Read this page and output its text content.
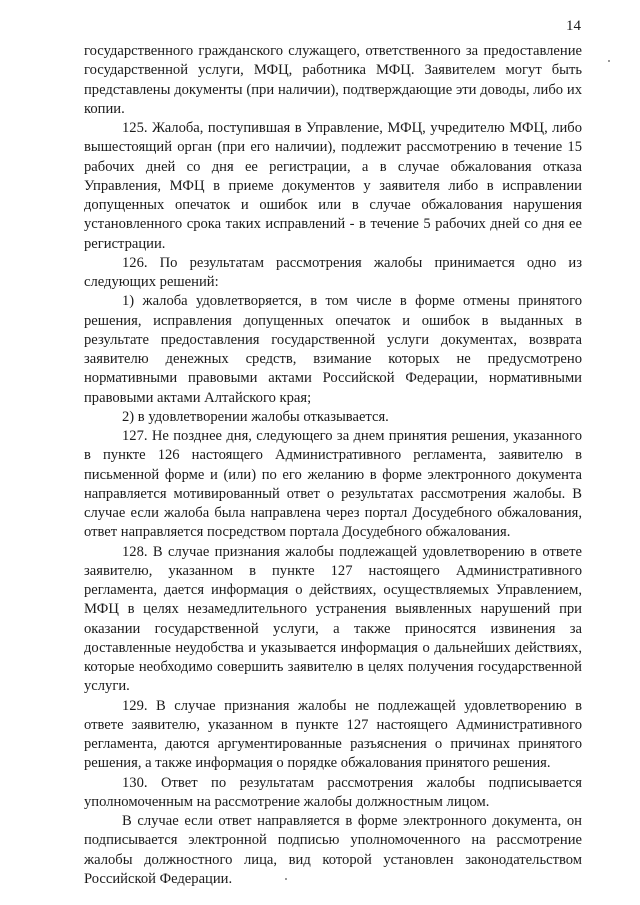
14

государственного гражданского служащего, ответственного за предоставление государственной услуги, МФЦ, работника МФЦ. Заявителем могут быть представлены документы (при наличии), подтверждающие эти доводы, либо их копии.

125. Жалоба, поступившая в Управление, МФЦ, учредителю МФЦ, либо вышестоящий орган (при его наличии), подлежит рассмотрению в течение 15 рабочих дней со дня ее регистрации, а в случае обжалования отказа Управления, МФЦ в приеме документов у заявителя либо в исправлении допущенных опечаток и ошибок или в случае обжалования нарушения установленного срока таких исправлений - в течение 5 рабочих дней со дня ее регистрации.

126. По результатам рассмотрения жалобы принимается одно из следующих решений:

1) жалоба удовлетворяется, в том числе в форме отмены принятого решения, исправления допущенных опечаток и ошибок в выданных в результате предоставления государственной услуги документах, возврата заявителю денежных средств, взимание которых не предусмотрено нормативными правовыми актами Российской Федерации, нормативными правовыми актами Алтайского края;

2) в удовлетворении жалобы отказывается.

127. Не позднее дня, следующего за днем принятия решения, указанного в пункте 126 настоящего Административного регламента, заявителю в письменной форме и (или) по его желанию в форме электронного документа направляется мотивированный ответ о результатах рассмотрения жалобы. В случае если жалоба была направлена через портал Досудебного обжалования, ответ направляется посредством портала Досудебного обжалования.

128. В случае признания жалобы подлежащей удовлетворению в ответе заявителю, указанном в пункте 127 настоящего Административного регламента, дается информация о действиях, осуществляемых Управлением, МФЦ в целях незамедлительного устранения выявленных нарушений при оказании государственной услуги, а также приносятся извинения за доставленные неудобства и указывается информация о дальнейших действиях, которые необходимо совершить заявителю в целях получения государственной услуги.

129. В случае признания жалобы не подлежащей удовлетворению в ответе заявителю, указанном в пункте 127 настоящего Административного регламента, даются аргументированные разъяснения о причинах принятого решения, а также информация о порядке обжалования принятого решения.

130. Ответ по результатам рассмотрения жалобы подписывается уполномоченным на рассмотрение жалобы должностным лицом.

В случае если ответ направляется в форме электронного документа, он подписывается электронной подписью уполномоченного на рассмотрение жалобы должностного лица, вид которой установлен законодательством Российской Федерации.
